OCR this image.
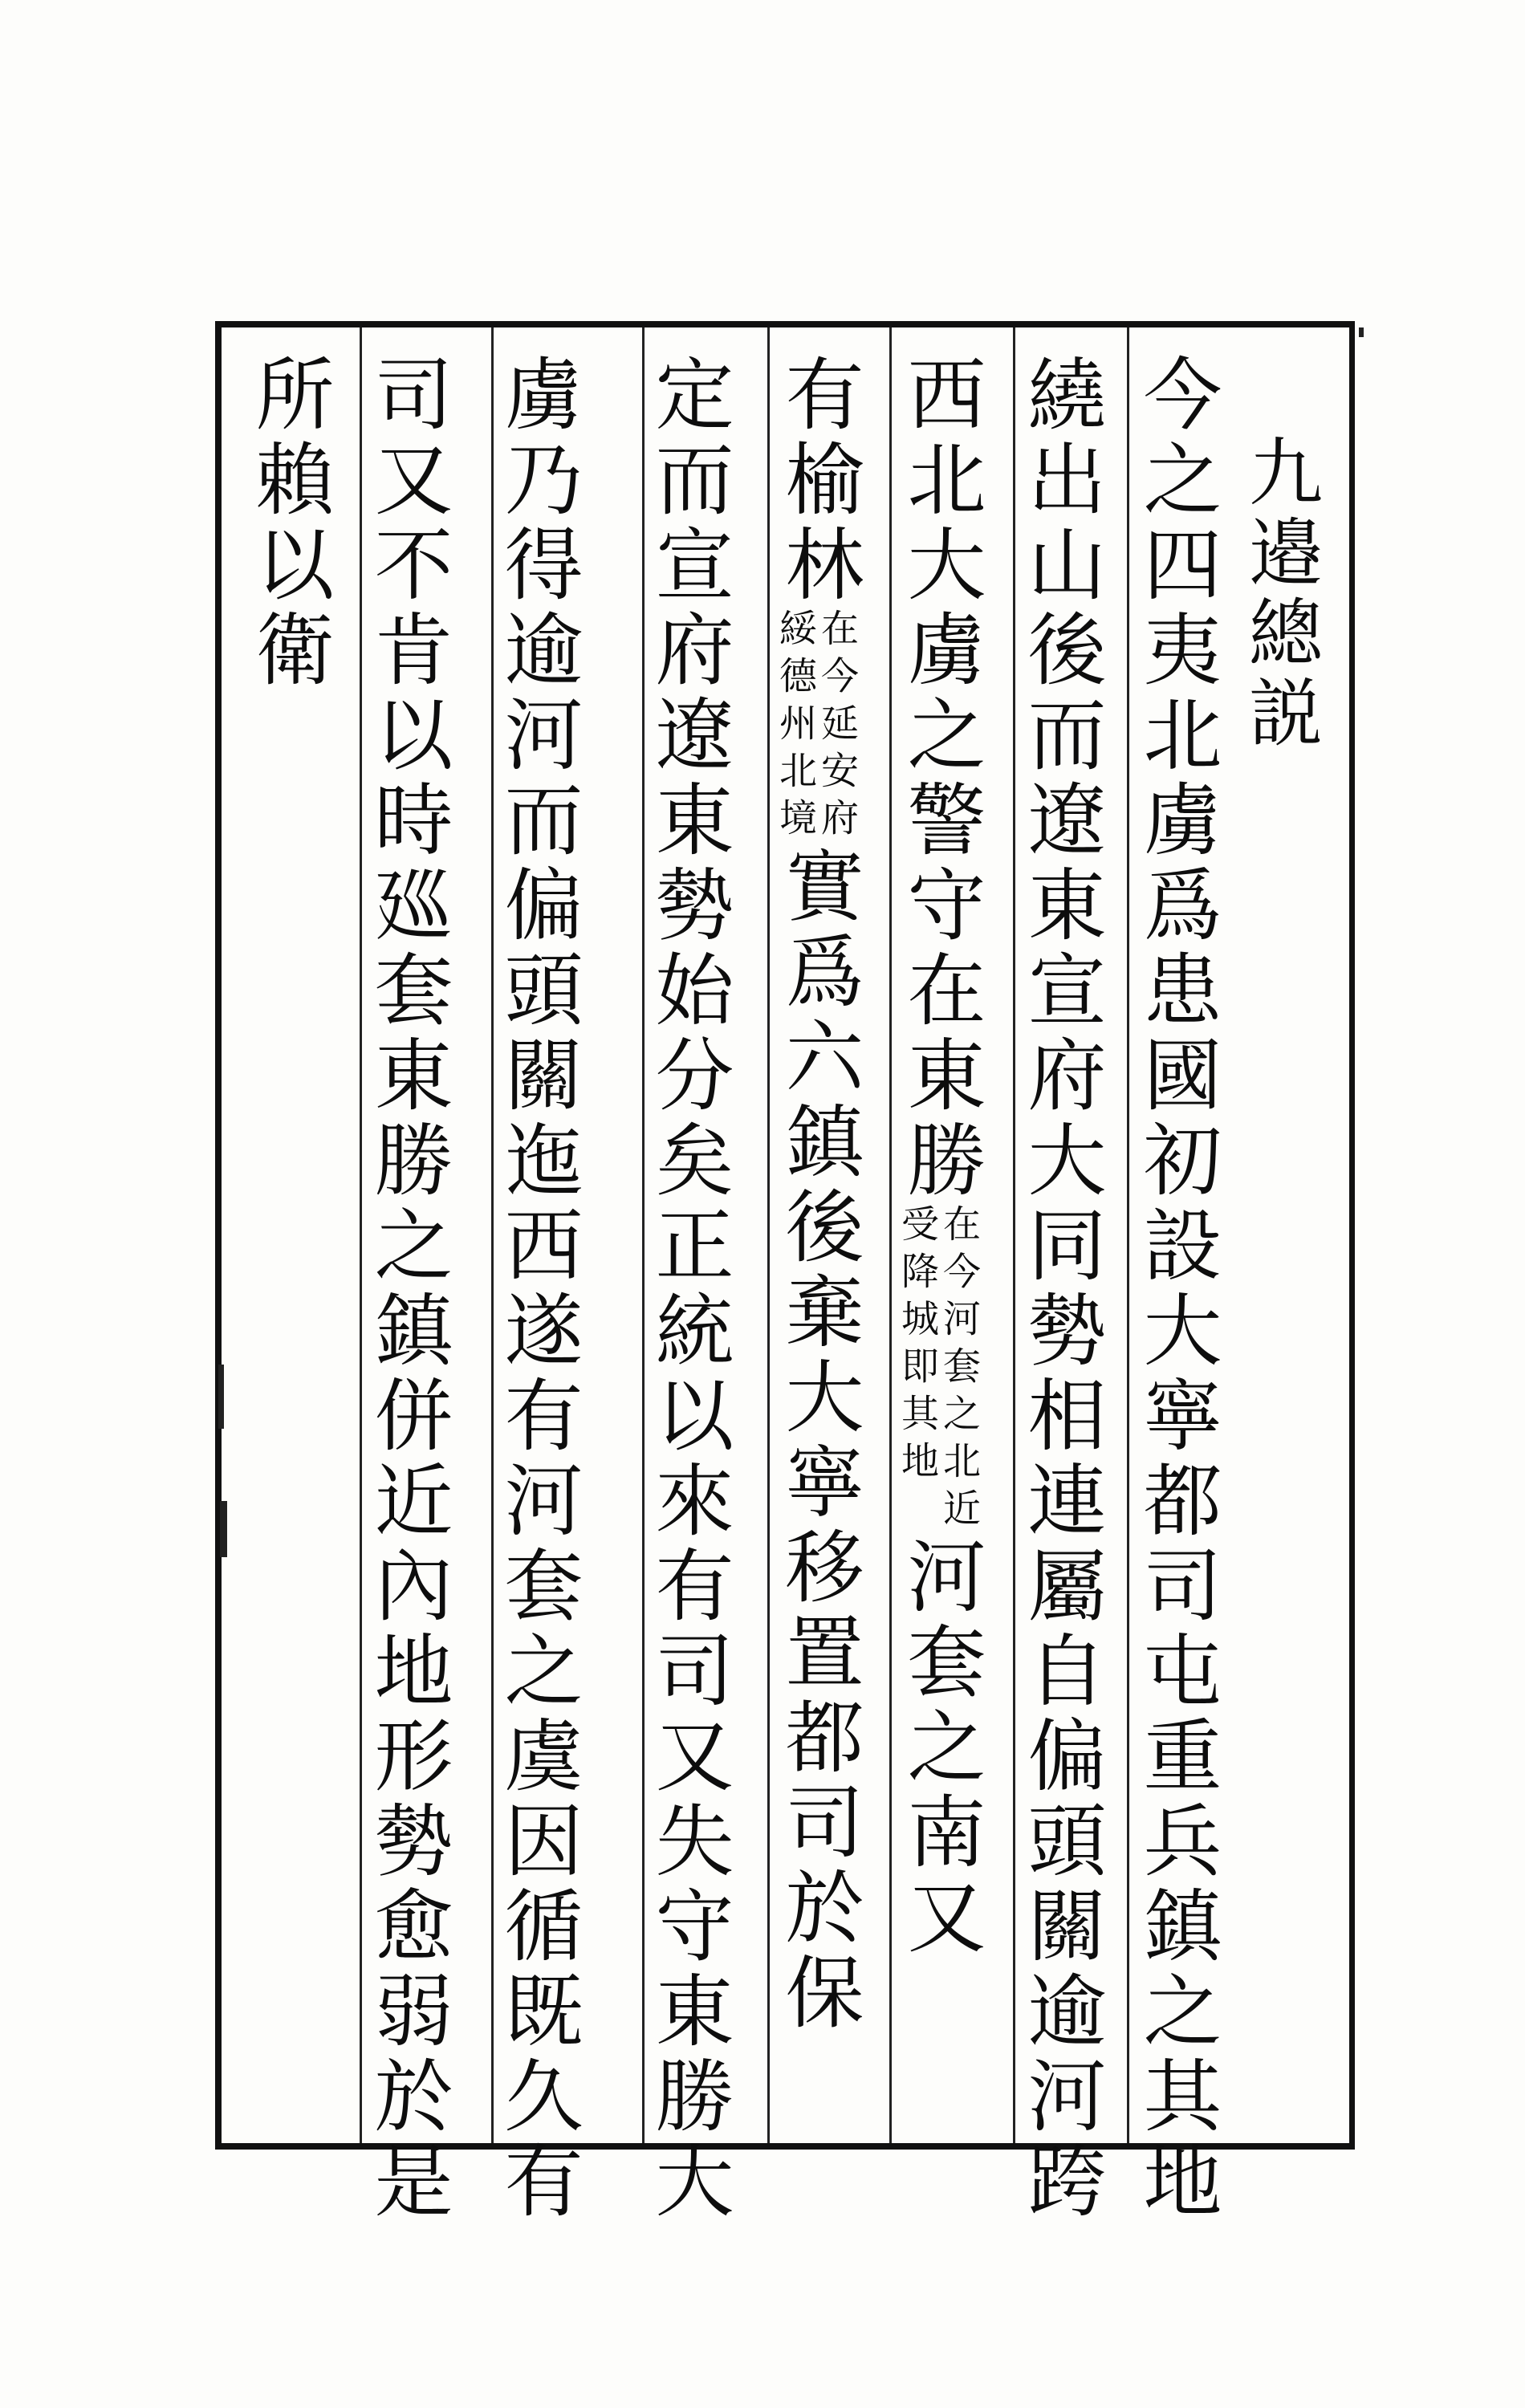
九邉總説
今之四夷北虜爲患國初設大寧都司屯重兵鎮之其地
繞出山後而遼東宣府大同勢相連屬自偏頭關逾河跨
西北大虜之警守在東勝在今河套之北近
受降城即其地河套之南又
有榆林在今延安府
綏德州北境實爲六鎮後棄大寧移置都司於保
定而宣府遼東勢始分矣正統以來有司又失守東勝大
虜乃得逾河而偏頭關迤西遂有河套之虞因循既久有
司又不肯以時廵套東勝之鎮併近內地形勢愈弱於是
所賴以衛
